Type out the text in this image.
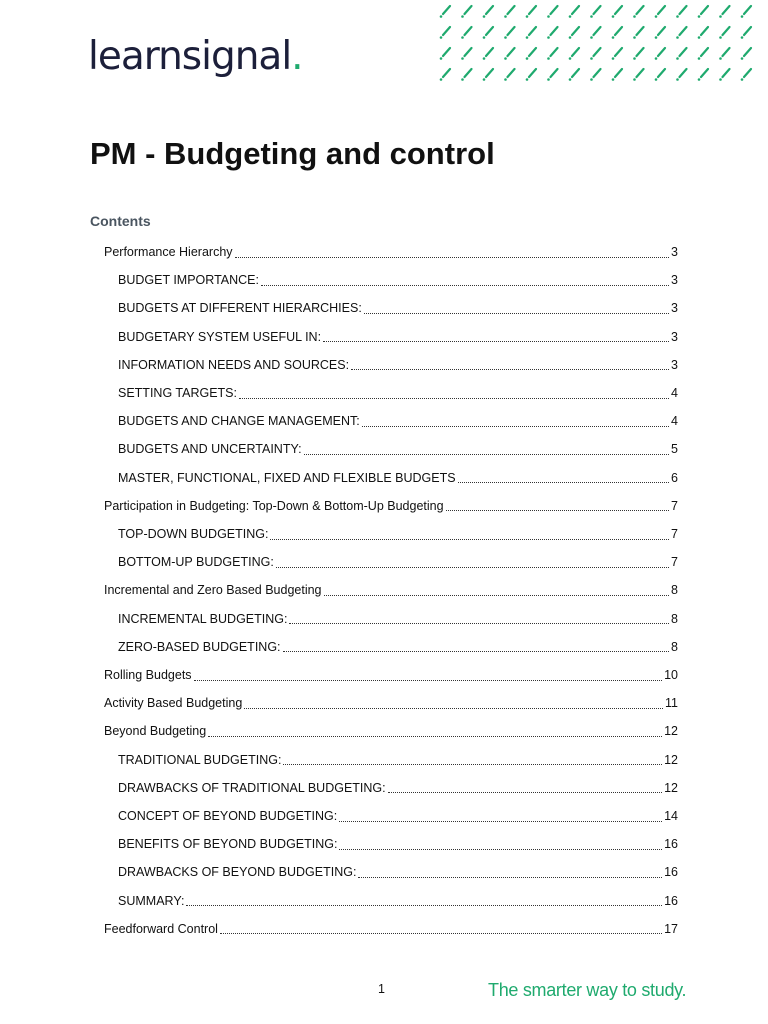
learnsignal.
PM - Budgeting and control
Contents
Performance Hierarchy	3
BUDGET IMPORTANCE:	3
BUDGETS AT DIFFERENT HIERARCHIES:	3
BUDGETARY SYSTEM USEFUL IN:	3
INFORMATION NEEDS AND SOURCES:	3
SETTING TARGETS:	4
BUDGETS AND CHANGE MANAGEMENT:	4
BUDGETS AND UNCERTAINTY:	5
MASTER, FUNCTIONAL, FIXED AND FLEXIBLE BUDGETS	6
Participation in Budgeting: Top-Down & Bottom-Up Budgeting	7
TOP-DOWN BUDGETING:	7
BOTTOM-UP BUDGETING:	7
Incremental and Zero Based Budgeting	8
INCREMENTAL BUDGETING:	8
ZERO-BASED BUDGETING:	8
Rolling Budgets	10
Activity Based Budgeting	11
Beyond Budgeting	12
TRADITIONAL BUDGETING:	12
DRAWBACKS OF TRADITIONAL BUDGETING:	12
CONCEPT OF BEYOND BUDGETING:	14
BENEFITS OF BEYOND BUDGETING:	16
DRAWBACKS OF BEYOND BUDGETING:	16
SUMMARY:	16
Feedforward Control	17
1	The smarter way to study.
